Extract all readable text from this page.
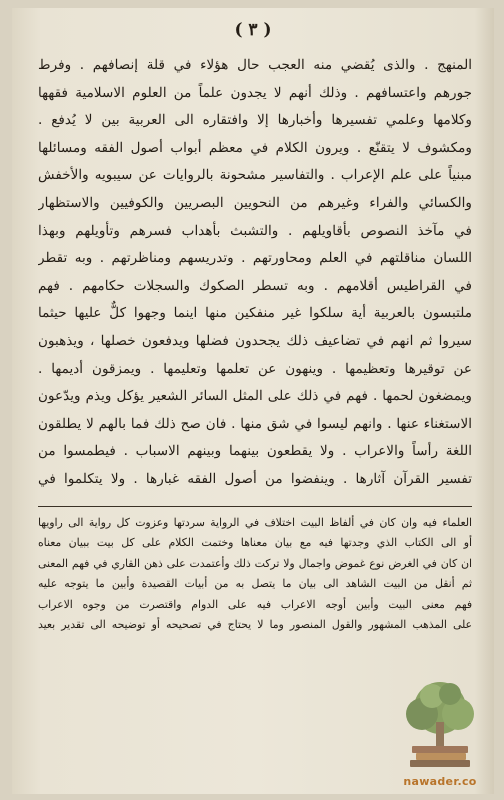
( ٣ )
المنهج . والذى يُقضي منه العجب حال هؤلاء في قلة إنصافهم . وفرط
جورهم واعتسافهم . وذلك أنهم لا يجدون علماً من العلوم الاسلامية فقهها
وكلامها وعلمي تفسيرها وأخبارها إلا وافتقاره الى العربية بين لا يُدفع .
ومكشوف لا يتقنّع . ويرون الكلام في معظم أبواب أصول الفقه ومسائلها
مبنياً على علم الإعراب . والتفاسير مشحونة بالروايات عن سيبويه والأخفش
والكسائي والفراء وغيرهم من النحويين البصريين والكوفيين والاستظهار
في مآخذ النصوص بأقاويلهم . والتشبث بأهداب فسرهم وتأويلهم وبهذا
اللسان مناقلتهم في العلم ومحاورتهم . وتدريسهم ومناظرتهم . وبه تقطر
في القراطيس أقلامهم . وبه تسطر الصكوك والسجلات حكامهم . فهم
ملتبسون بالعربية أية سلكوا غير منفكين منها اينما وجهوا كلٌّ عليها حيثما
سيروا ثم انهم في تضاعيف ذلك يجحدون فضلها ويدفعون خصلها ، ويذهبون
عن توقيرها وتعظيمها . وينهون عن تعلمها وتعليمها . ويمزقون أديمها .
ويمضغون لحمها . فهم في ذلك على المثل السائر الشعير يؤكل ويذم ويدّعون
الاستغناء عنها . وانهم ليسوا في شق منها . فان صح ذلك فما بالهم لا يطلقون
اللغة رأساً والاعراب . ولا يقطعون بينهما وبينهم الاسباب . فيطمسوا من
تفسير القرآن آثارها . وينفضوا من أصول الفقه غبارها . ولا يتكلموا في
العلماء فيه وان كان في ألفاظ البيت اختلاف في الرواية سردتها وعزوت كل رواية الى راويها
أو الى الكتاب الذي وجدتها فيه مع بيان معناها وختمت الكلام على كل بيت ببيان معناه
ان كان في الغرض نوع غموض واجمال ولا تركت ذلك وأعتمدت على ذهن القاري في فهم المعنى
ثم أنقل من البيت الشاهد الى بيان ما يتصل به من أبيات القصيدة وأبين ما يتوجه عليه
فهم معنى البيت وأبين أوجه الاعراب فيه على الدوام واقتصرت من وجوه الاعراب
على المذهب المشهور والقول المنصور وما لا يحتاج في تصحيحه أو توضيحه الى تقدير بعيد
nawader.co
